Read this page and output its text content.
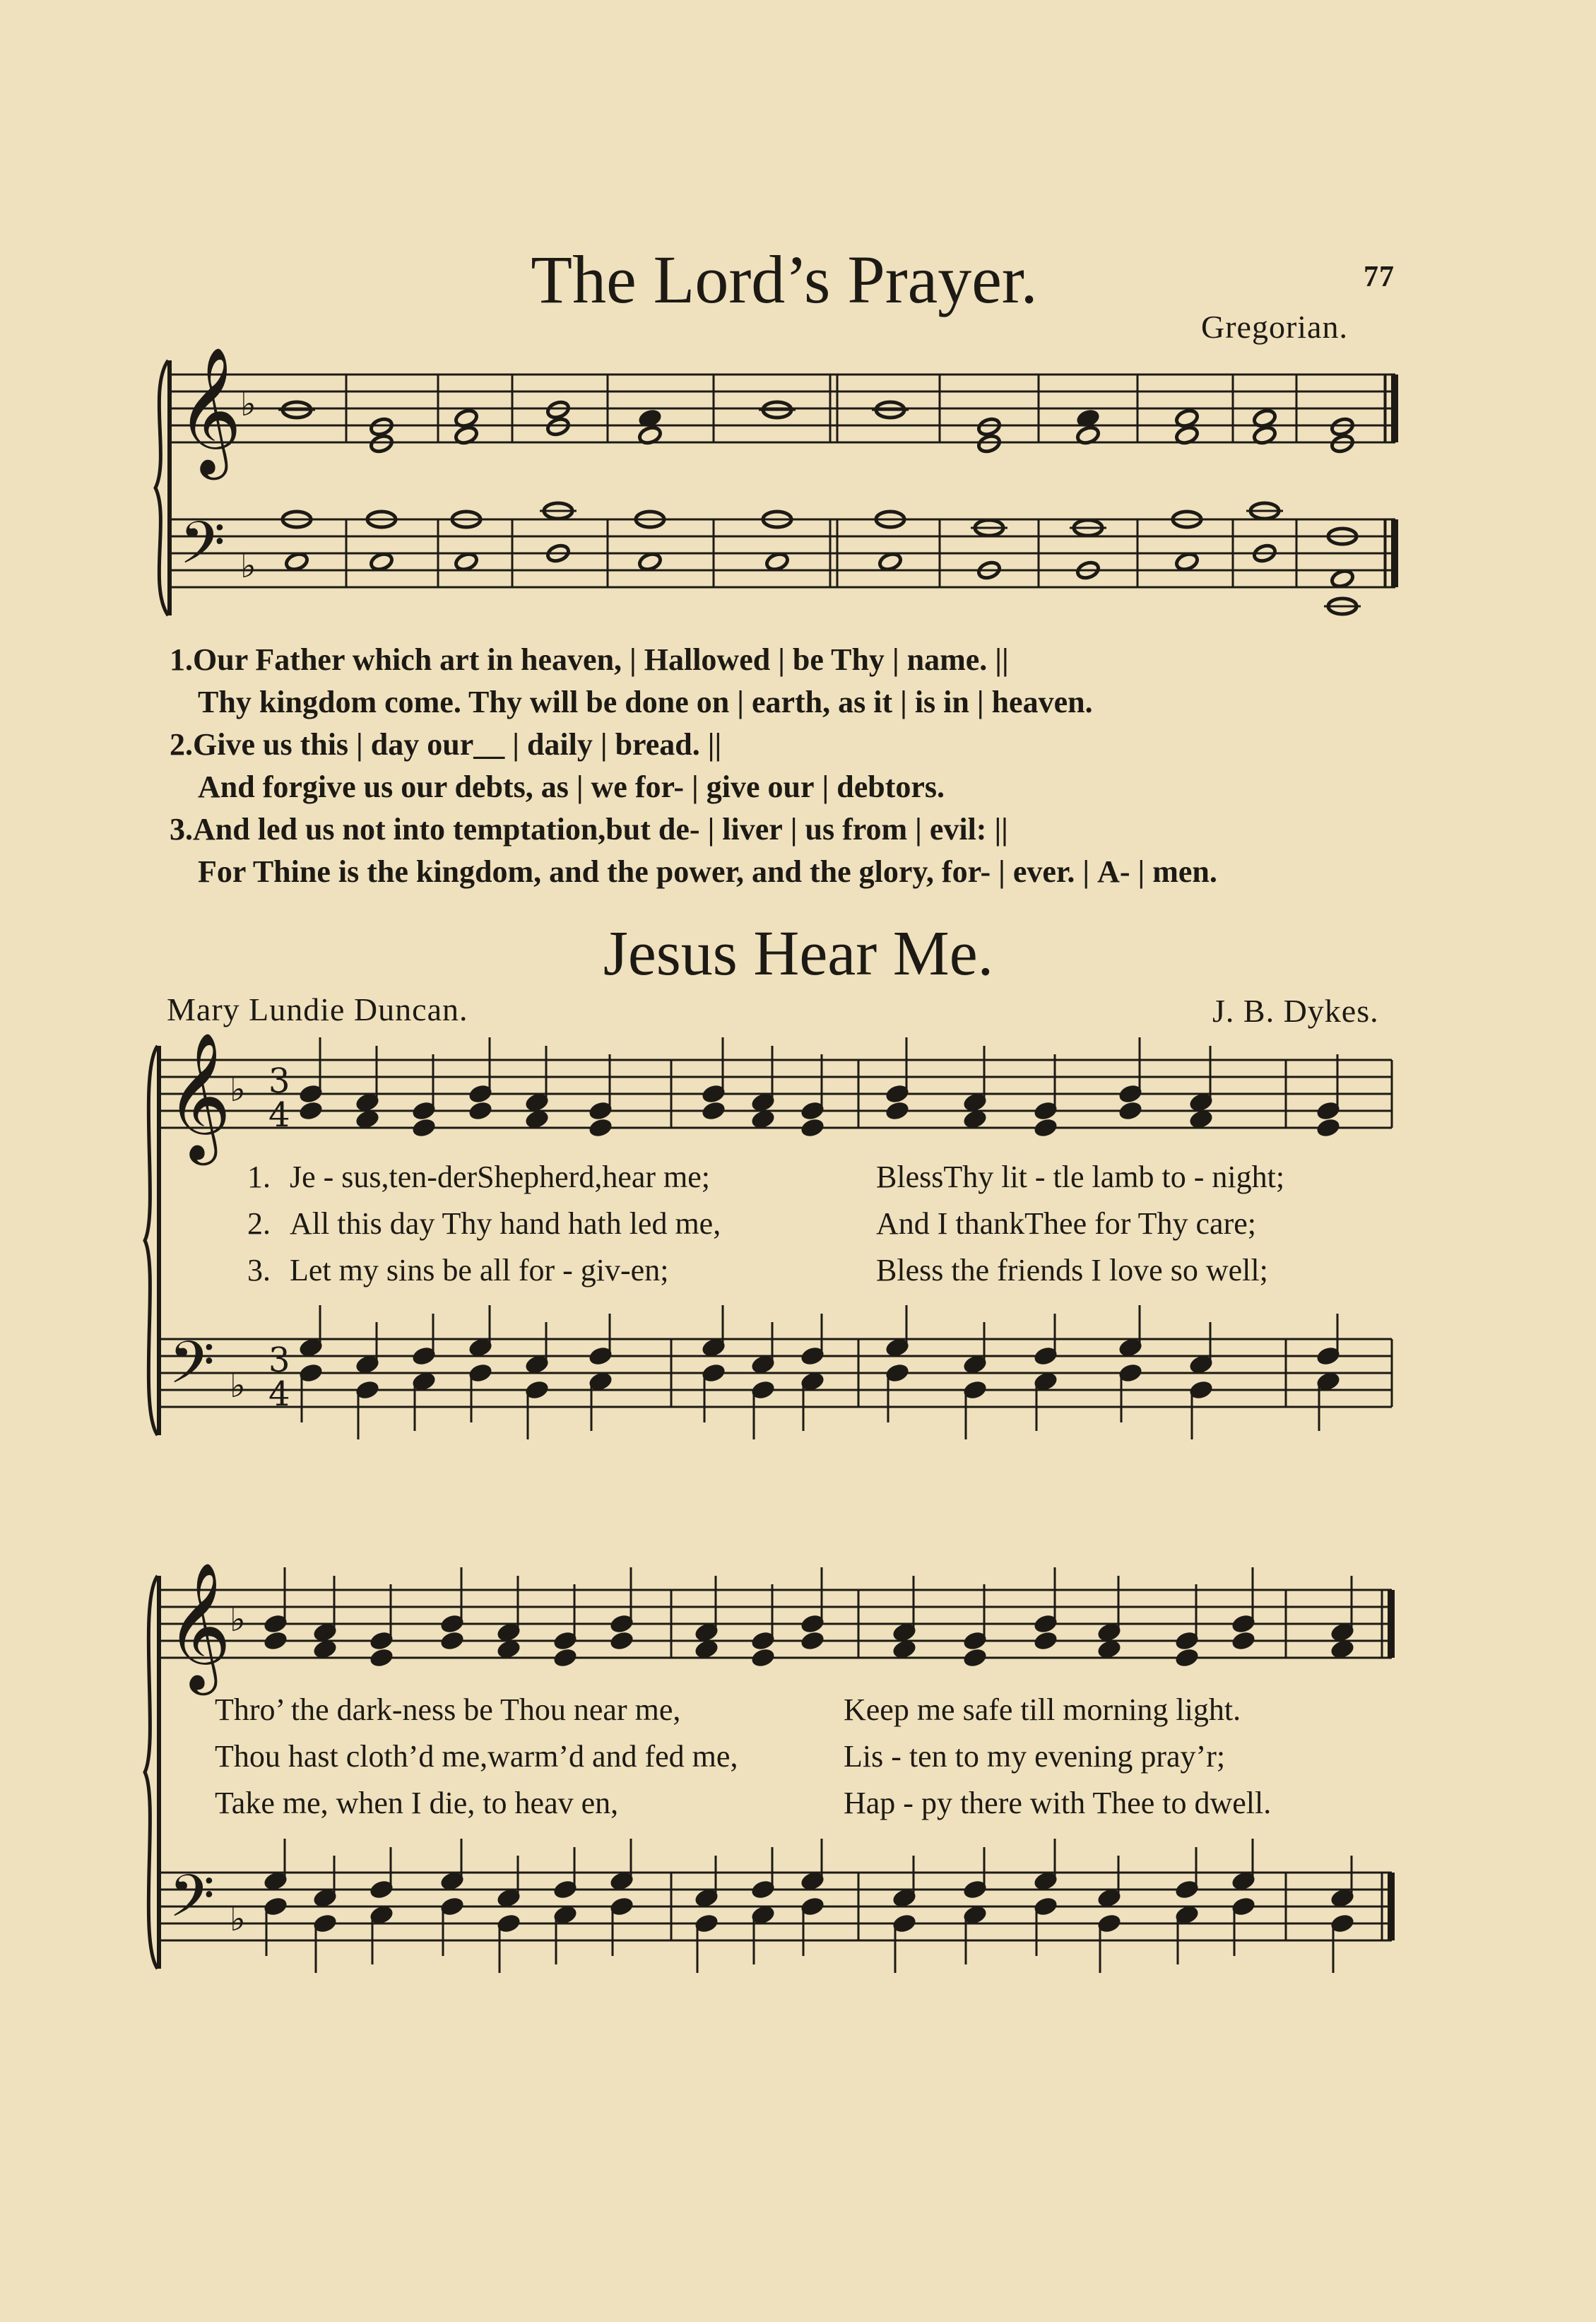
77
The Lord’s Prayer.
Gregorian.
𝄞
𝄢
♭
♭
𝄞
𝄢
♭
♭
3
4
3
4
𝄞
𝄢
♭
♭
1.Our Father which art in heaven, | Hallowed | be Thy | name. ||
Thy kingdom come. Thy will be done on | earth, as it | is in | heaven.
2.Give us this | day our__ | daily | bread. ||
And forgive us our debts, as | we for- | give our | debtors.
3.And led us not into temptation,but de- | liver | us from | evil: ||
For Thine is the kingdom, and the power, and the glory, for- | ever. | A- | men.
Jesus Hear Me.
Mary Lundie Duncan.	J. B. Dykes.
1. Je - sus,ten-derShepherd,hear me;	BlessThy lit - tle lamb to - night;
2. All this day Thy hand hath led me,	And I thankThee for Thy care;
3. Let my sins be all for - giv-en;	Bless the friends I love so well;
Thro’ the dark-ness be Thou near me,	Keep me safe till morning light.
Thou hast cloth’d me,warm’d and fed me,	Lis - ten to my evening pray’r;
Take me, when I die, to heav en,	Hap - py there with Thee to dwell.
